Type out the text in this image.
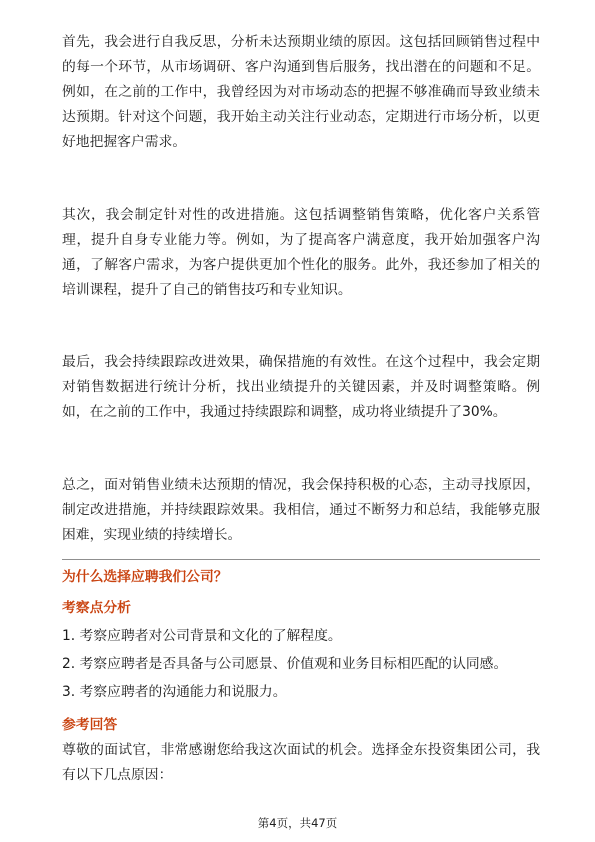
首先，我会进行自我反思，分析未达预期业绩的原因。这包括回顾销售过程中的每一个环节，从市场调研、客户沟通到售后服务，找出潜在的问题和不足。例如，在之前的工作中，我曾经因为对市场动态的把握不够准确而导致业绩未达预期。针对这个问题，我开始主动关注行业动态，定期进行市场分析，以更好地把握客户需求。

其次，我会制定针对性的改进措施。这包括调整销售策略，优化客户关系管理，提升自身专业能力等。例如，为了提高客户满意度，我开始加强客户沟通，了解客户需求，为客户提供更加个性化的服务。此外，我还参加了相关的培训课程，提升了自己的销售技巧和专业知识。

最后，我会持续跟踪改进效果，确保措施的有效性。在这个过程中，我会定期对销售数据进行统计分析，找出业绩提升的关键因素，并及时调整策略。例如，在之前的工作中，我通过持续跟踪和调整，成功将业绩提升了30%。

总之，面对销售业绩未达预期的情况，我会保持积极的心态，主动寻找原因，制定改进措施，并持续跟踪效果。我相信，通过不断努力和总结，我能够克服困难，实现业绩的持续增长。

为什么选择应聘我们公司？
考察点分析
1. 考察应聘者对公司背景和文化的了解程度。
2. 考察应聘者是否具备与公司愿景、价值观和业务目标相匹配的认同感。
3. 考察应聘者的沟通能力和说服力。
参考回答

尊敬的面试官，非常感谢您给我这次面试的机会。选择金东投资集团公司，我有以下几点原因：

第4页，共47页
